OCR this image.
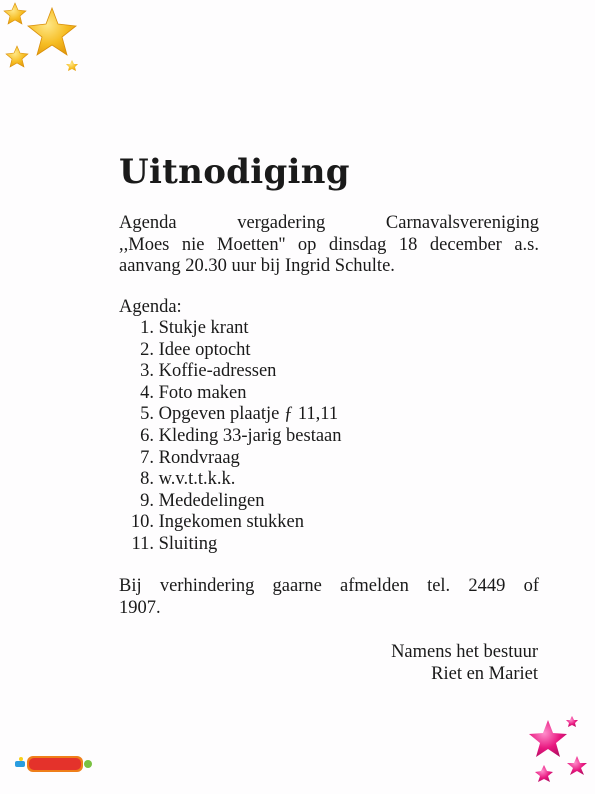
Uitnodiging
Agenda vergadering Carnavalsvereniging
,,Moes nie Moetten'' op dinsdag 18 december a.s.
aanvang 20.30 uur bij Ingrid Schulte.
Agenda:
1.
Stukje krant
2.
Idee optocht
3.
Koffie-adressen
4.
Foto maken
5.
Opgeven plaatje ƒ 11,11
6.
Kleding 33-jarig bestaan
7.
Rondvraag
8.
w.v.t.t.k.k.
9.
Mededelingen
10.
Ingekomen stukken
11.
Sluiting
Bij verhindering gaarne afmelden tel. 2449 of
1907.
Namens het bestuur
Riet en Mariet
